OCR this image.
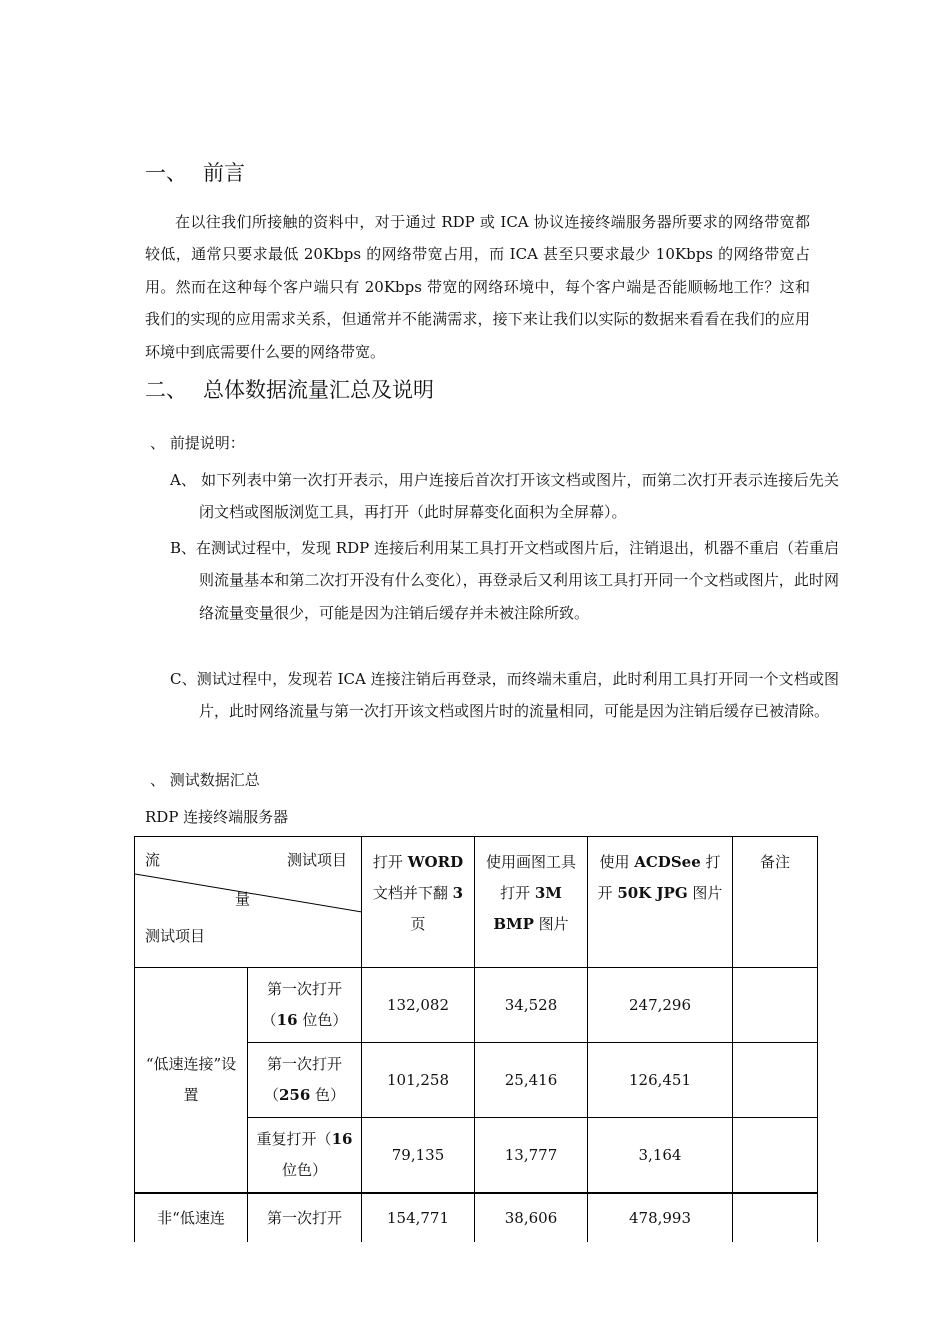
一、 前言

在以往我们所接触的资料中，对于通过 RDP 或 ICA 协议连接终端服务器所要求的网络带宽都较低，通常只要求最低 20Kbps 的网络带宽占用，而 ICA 甚至只要求最少 10Kbps 的网络带宽占用。然而在这种每个客户端只有 20Kbps 带宽的网络环境中，每个客户端是否能顺畅地工作？这和我们的实现的应用需求关系，但通常并不能满需求，接下来让我们以实际的数据来看看在我们的应用环境中到底需要什么要的网络带宽。

二、 总体数据流量汇总及说明

、 前提说明：

A、 如下列表中第一次打开表示，用户连接后首次打开该文档或图片，而第二次打开表示连接后先关闭文档或图版浏览工具，再打开（此时屏幕变化面积为全屏幕）。

B、在测试过程中，发现 RDP 连接后利用某工具打开文档或图片后，注销退出，机器不重启（若重启则流量基本和第二次打开没有什么变化），再登录后又利用该工具打开同一个文档或图片，此时网络流量变量很少，可能是因为注销后缓存并未被注除所致。

C、测试过程中，发现若 ICA 连接注销后再登录，而终端未重启，此时利用工具打开同一个文档或图片，此时网络流量与第一次打开该文档或图片时的流量相同，可能是因为注销后缓存已被清除。

、 测试数据汇总

RDP 连接终端服务器

流 测试项目
量
测试项目		打开 WORD文档并下翻 3页	使用画图工具打开 3M BMP 图片	使用 ACDSee 打开 50K JPG 图片	备注
“低速连接”设置	第一次打开（16 位色）	132,082	34,528	247,296	
	第一次打开（256 色）	101,258	25,416	126,451	
	重复打开（16 位色）	79,135	13,777	3,164	
非“低速连	第一次打开	154,771	38,606	478,993	
